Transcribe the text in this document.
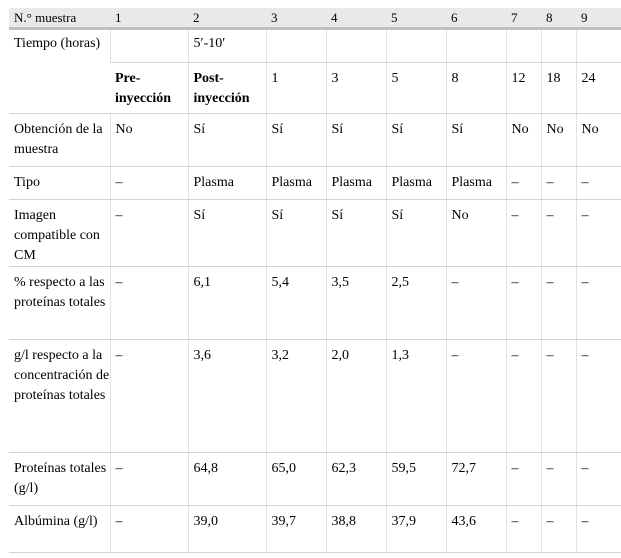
N.° muestra	1	2	3	4	5	6	7	8	9
Tiempo (horas)		5′-10′							
	Pre-inyección	Post-inyección	1	3	5	8	12	18	24
Obtención de la muestra	No	Sí	Sí	Sí	Sí	Sí	No	No	No
Tipo	–	Plasma	Plasma	Plasma	Plasma	Plasma	–	–	–
Imagen compatible con CM	–	Sí	Sí	Sí	Sí	No	–	–	–
% respecto a las proteínas totales	–	6,1	5,4	3,5	2,5	–	–	–	–
g/l respecto a la concentración de proteínas totales	–	3,6	3,2	2,0	1,3	–	–	–	–
Proteínas totales (g/l)	–	64,8	65,0	62,3	59,5	72,7	–	–	–
Albúmina (g/l)	–	39,0	39,7	38,8	37,9	43,6	–	–	–
